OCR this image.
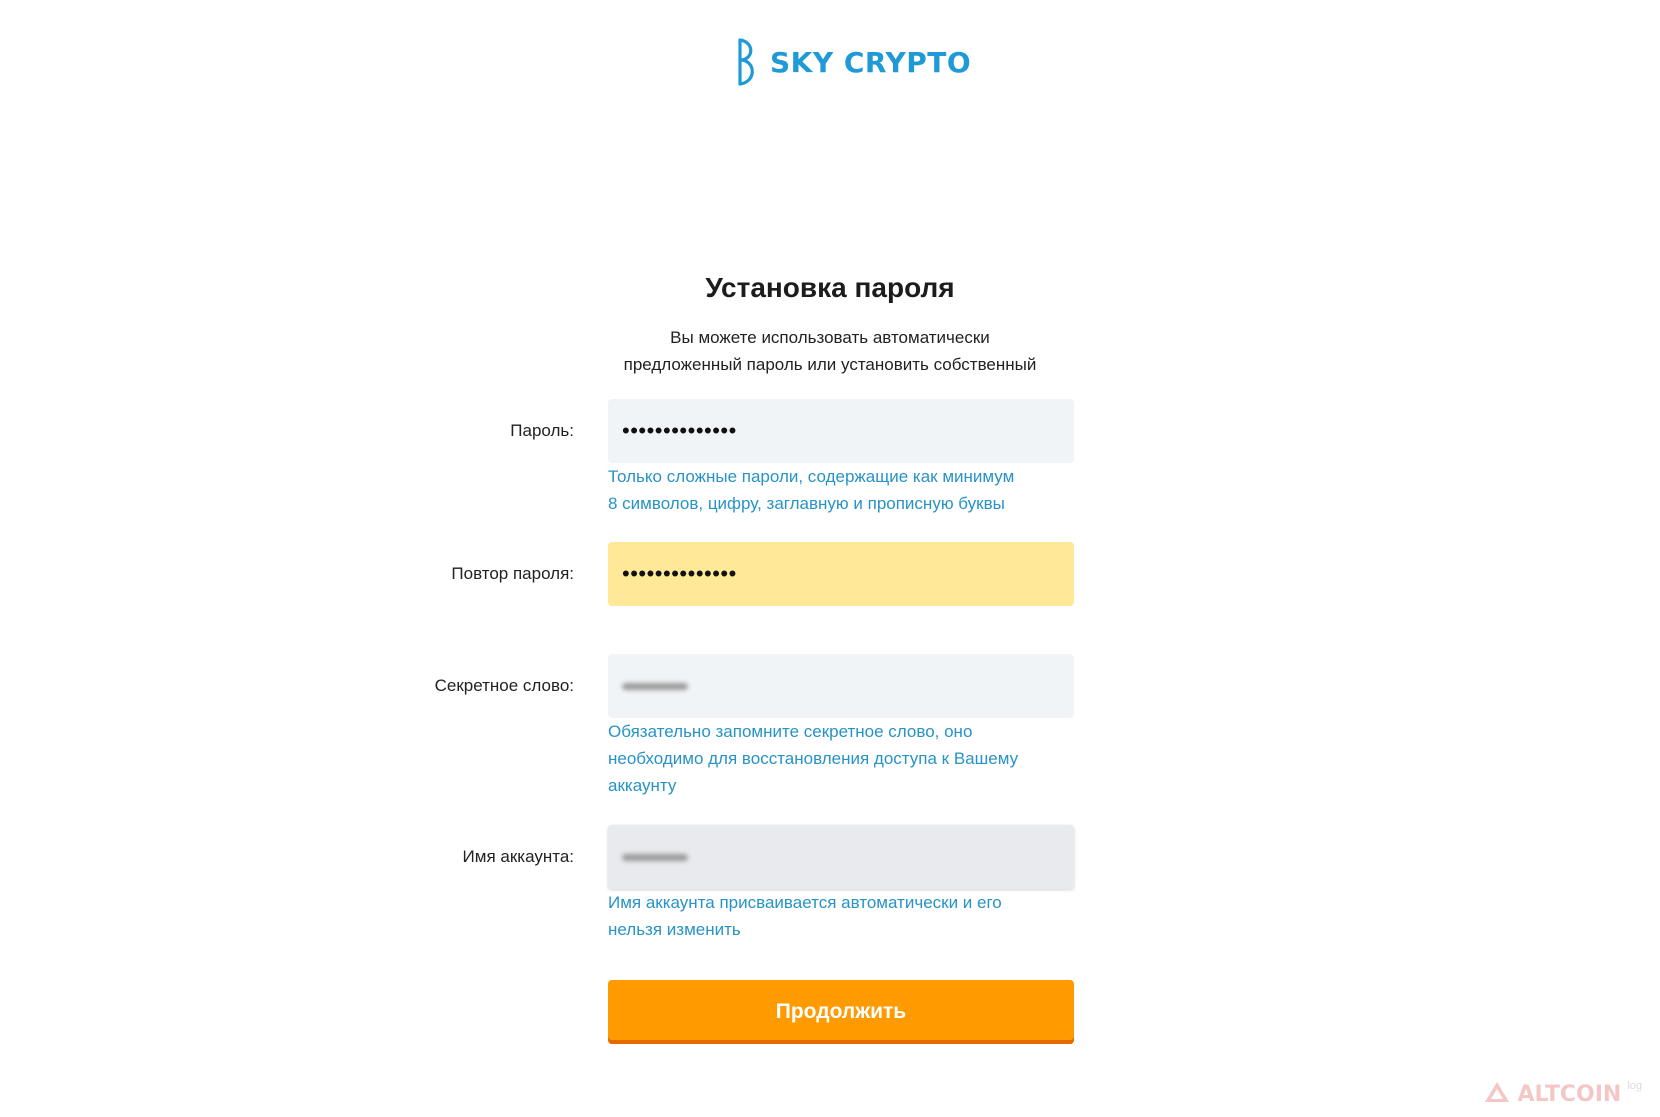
SKY CRYPTO
Установка пароля
Вы можете использовать автоматически
предложенный пароль или установить собственный
Пароль: ••••••••••••••
Только сложные пароли, содержащие как минимум
8 символов, цифру, заглавную и прописную буквы
Повтор пароля: ••••••••••••••
Секретное слово:
Обязательно запомните секретное слово, оно
необходимо для восстановления доступа к Вашему
аккаунту
Имя аккаунта:
Имя аккаунта присваивается автоматически и его
нельзя изменить
Продолжить
ALTCOIN log
